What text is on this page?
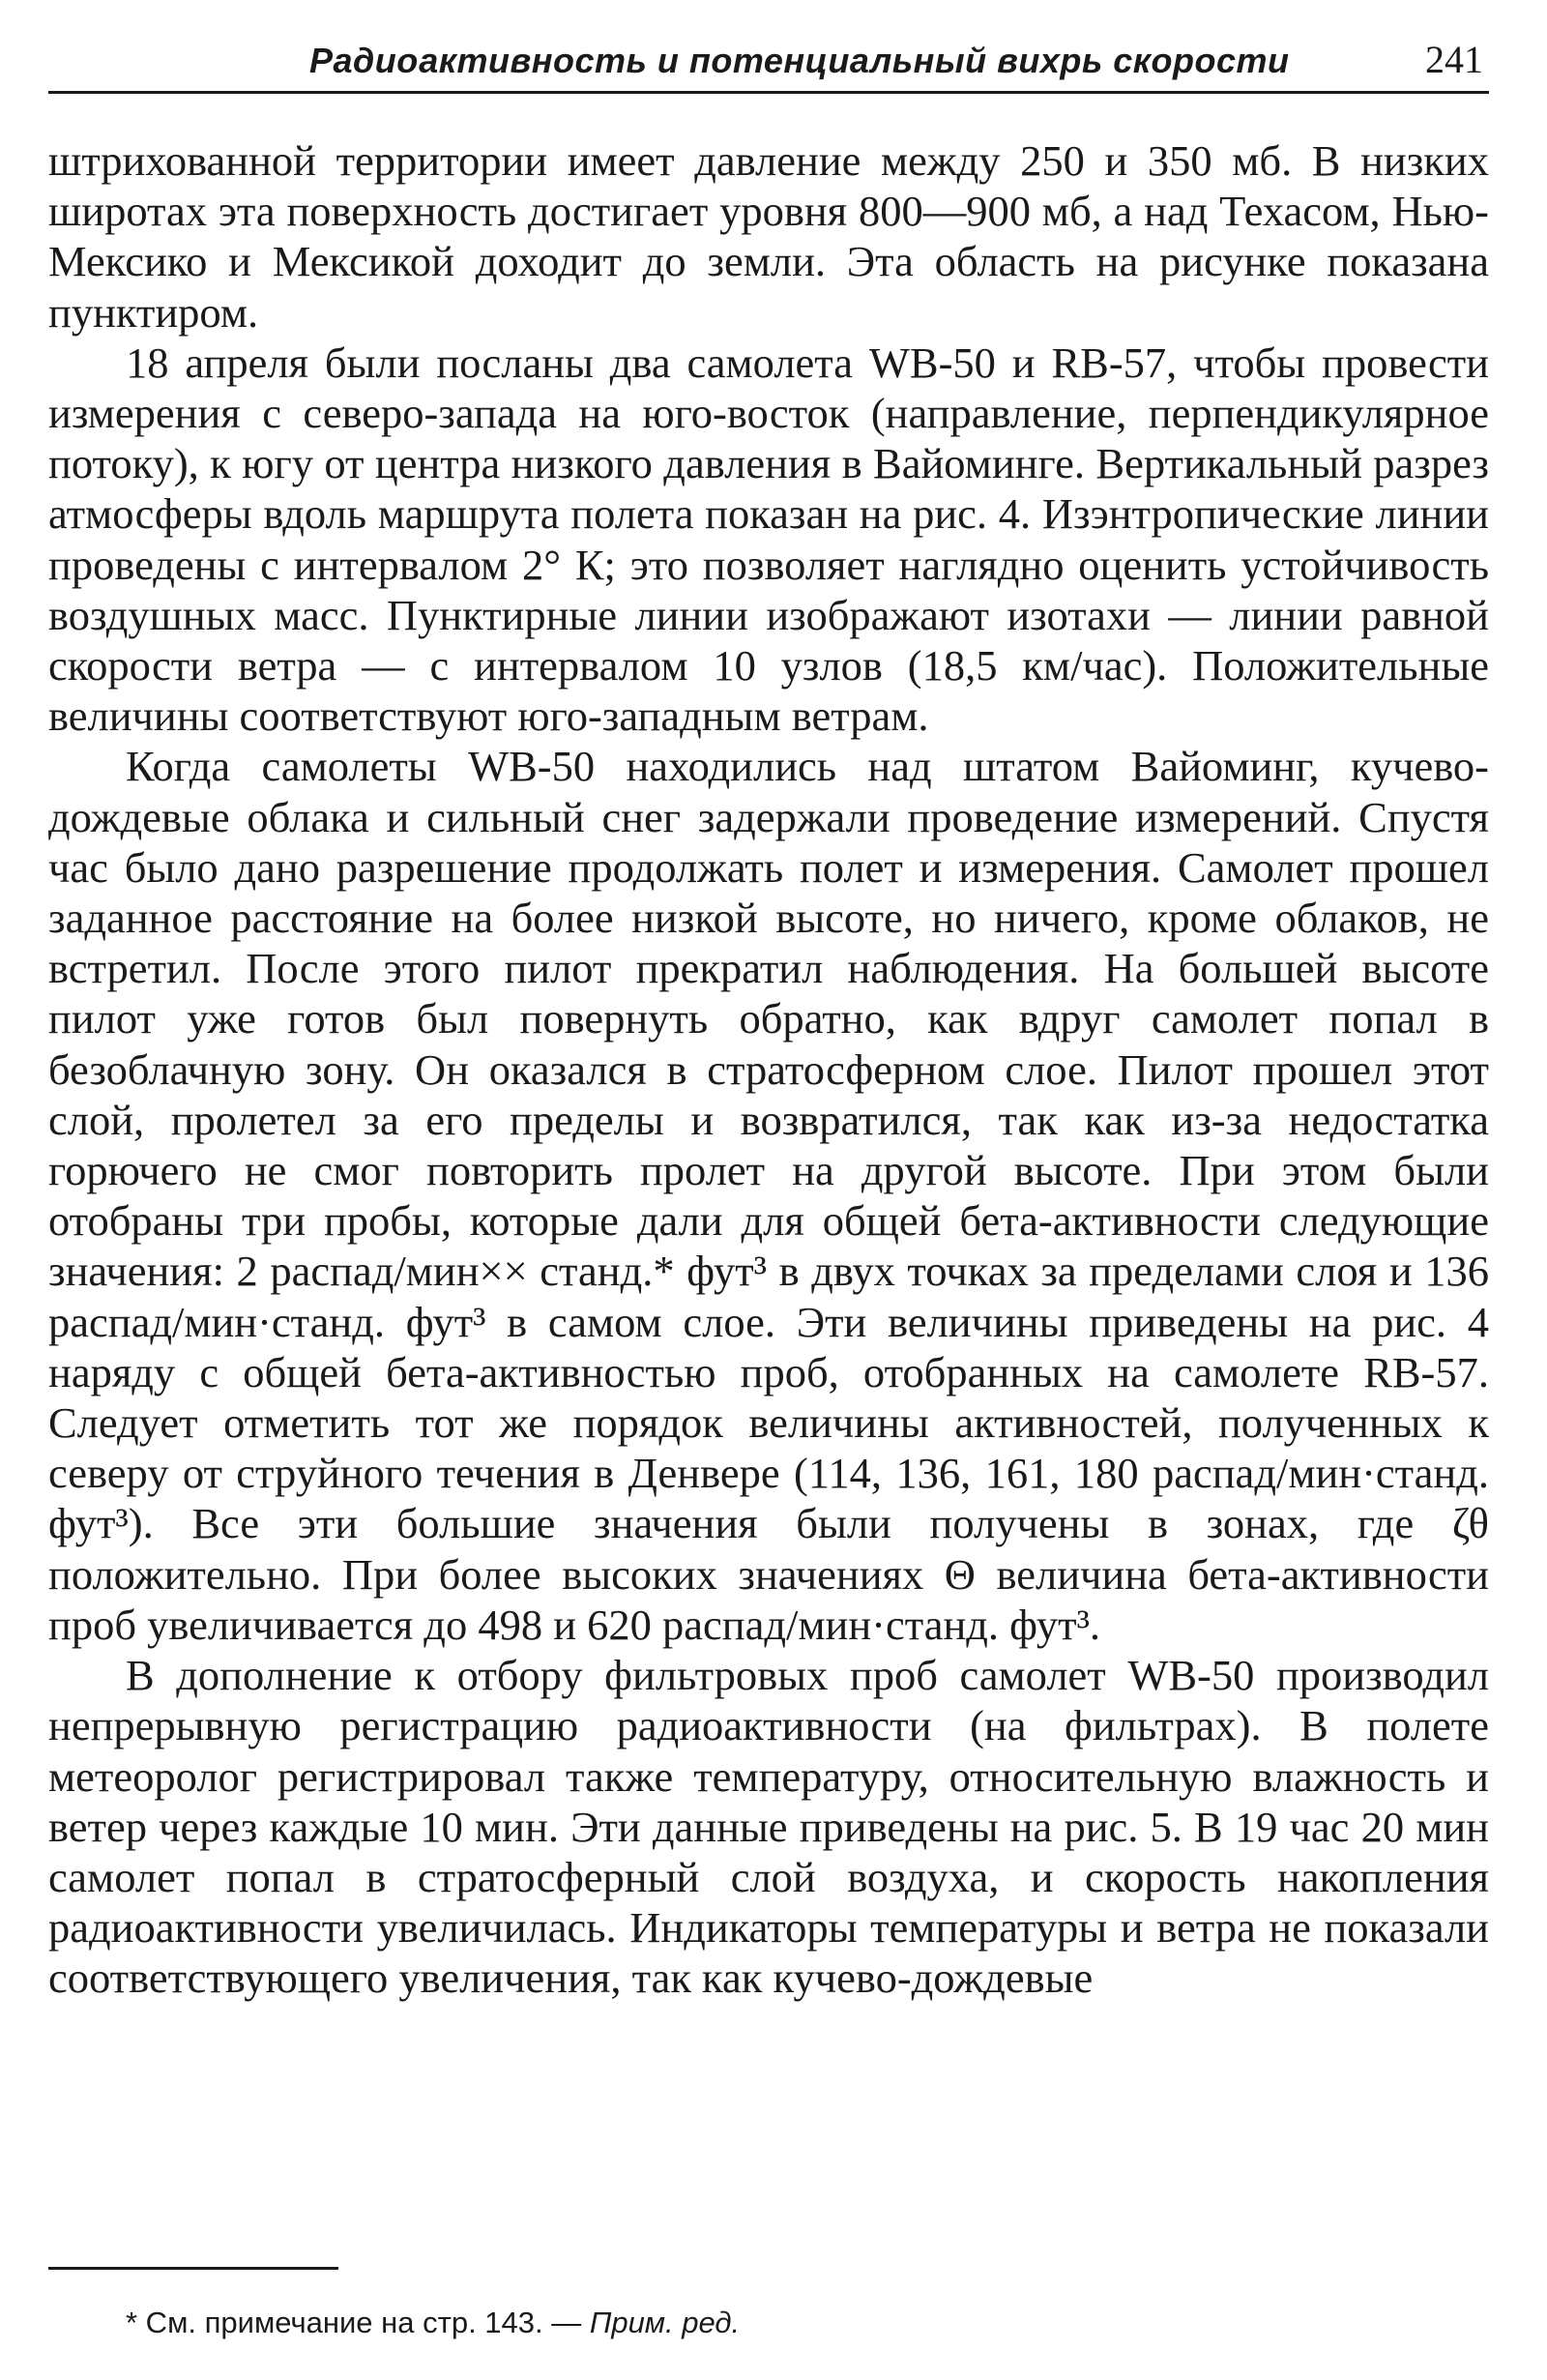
Радиоактивность и потенциальный вихрь скорости	241

штрихованной территории имеет давление между 250 и 350 мб. В низких широтах эта поверхность достигает уровня 800—900 мб, а над Техасом, Нью-Мексико и Мексикой доходит до земли. Эта область на рисунке показана пунктиром.

18 апреля были посланы два самолета WB-50 и RB-57, чтобы провести измерения с северо-запада на юго-восток (направление, перпендикулярное потоку), к югу от центра низкого давления в Вайоминге. Вертикальный разрез атмосферы вдоль маршрута полета показан на рис. 4. Изэнтропические линии проведены с интервалом 2° К; это позволяет наглядно оценить устойчивость воздушных масс. Пунктирные линии изображают изотахи — линии равной скорости ветра — с интервалом 10 узлов (18,5 км/час). Положительные величины соответствуют юго-западным ветрам.

Когда самолеты WB-50 находились над штатом Вайоминг, кучево-дождевые облака и сильный снег задержали проведение измерений. Спустя час было дано разрешение продолжать полет и измерения. Самолет прошел заданное расстояние на более низкой высоте, но ничего, кроме облаков, не встретил. После этого пилот прекратил наблюдения. На большей высоте пилот уже готов был повернуть обратно, как вдруг самолет попал в безоблачную зону. Он оказался в стратосферном слое. Пилот прошел этот слой, пролетел за его пределы и возвратился, так как из-за недостатка горючего не смог повторить пролет на другой высоте. При этом были отобраны три пробы, которые дали для общей бета-активности следующие значения: 2 распад/мин×× станд.* фут³ в двух точках за пределами слоя и 136 распад/мин·станд. фут³ в самом слое. Эти величины приведены на рис. 4 наряду с общей бета-активностью проб, отобранных на самолете RB-57. Следует отметить тот же порядок величины активностей, полученных к северу от струйного течения в Денвере (114, 136, 161, 180 распад/мин·станд. фут³). Все эти большие значения были получены в зонах, где ζθ положительно. При более высоких значениях Θ величина бета-активности проб увеличивается до 498 и 620 распад/мин·станд. фут³.

В дополнение к отбору фильтровых проб самолет WB-50 производил непрерывную регистрацию радиоактивности (на фильтрах). В полете метеоролог регистрировал также температуру, относительную влажность и ветер через каждые 10 мин. Эти данные приведены на рис. 5. В 19 час 20 мин самолет попал в стратосферный слой воздуха, и скорость накопления радиоактивности увеличилась. Индикаторы температуры и ветра не показали соответствующего увеличения, так как кучево-дождевые

* См. примечание на стр. 143. — Прим. ред.
